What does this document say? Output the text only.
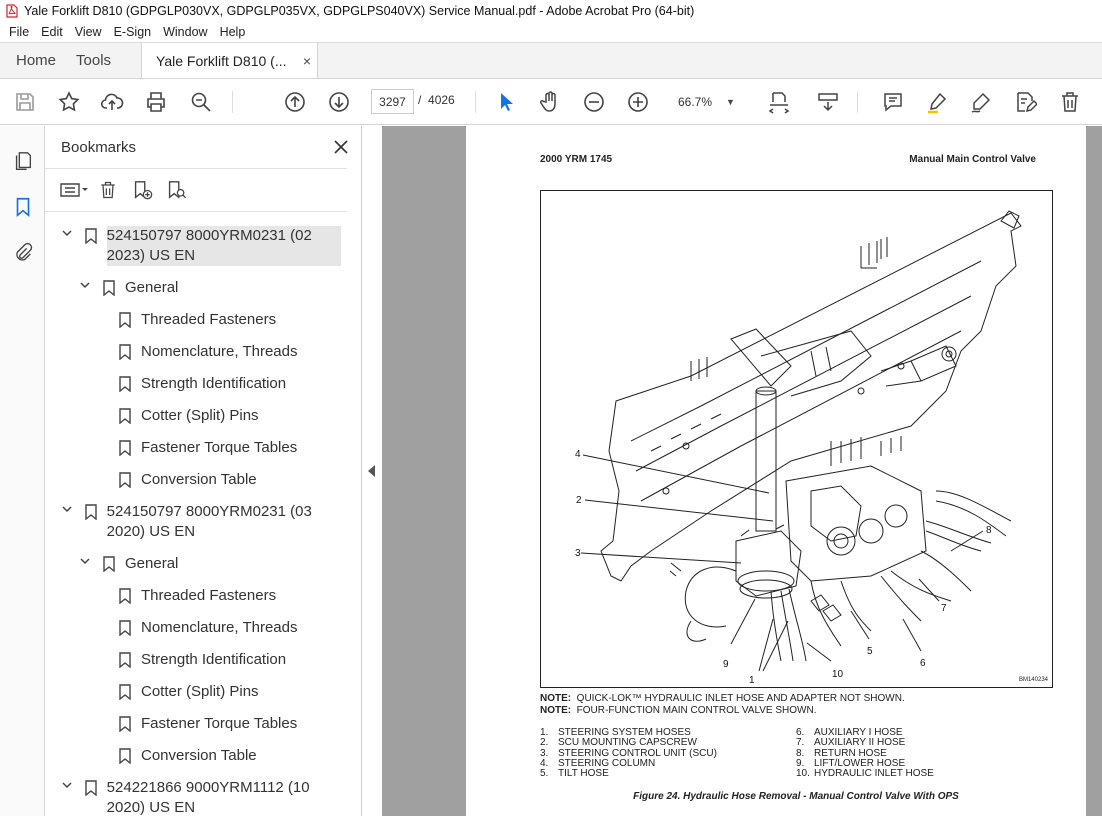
Yale Forklift D810 (GDPGLP030VX, GDPGLP035VX, GDPGLPS040VX) Service Manual.pdf - Adobe Acrobat Pro (64-bit)
File Edit View E-Sign Window Help
Home	Tools	Yale Forklift D810 (... ×
3297	/ 4026	66.7% ▼
Bookmarks
524150797 8000YRM0231 (02 2023) US EN
General
Threaded Fasteners
Nomenclature, Threads
Strength Identification
Cotter (Split) Pins
Fastener Torque Tables
Conversion Table
524150797 8000YRM0231 (03 2020) US EN
General
Threaded Fasteners
Nomenclature, Threads
Strength Identification
Cotter (Split) Pins
Fastener Torque Tables
Conversion Table
524221866 9000YRM1112 (10 2020) US EN
2000 YRM 1745	Manual Main Control Valve
4
2
3
9
1
10
5
6
7
8
BM140234
NOTE: QUICK-LOK™ HYDRAULIC INLET HOSE AND ADAPTER NOT SHOWN.
NOTE: FOUR-FUNCTION MAIN CONTROL VALVE SHOWN.
1. STEERING SYSTEM HOSES
2. SCU MOUNTING CAPSCREW
3. STEERING CONTROL UNIT (SCU)
4. STEERING COLUMN
5. TILT HOSE
6. AUXILIARY I HOSE
7. AUXILIARY II HOSE
8. RETURN HOSE
9. LIFT/LOWER HOSE
10. HYDRAULIC INLET HOSE
Figure 24. Hydraulic Hose Removal - Manual Control Valve With OPS
